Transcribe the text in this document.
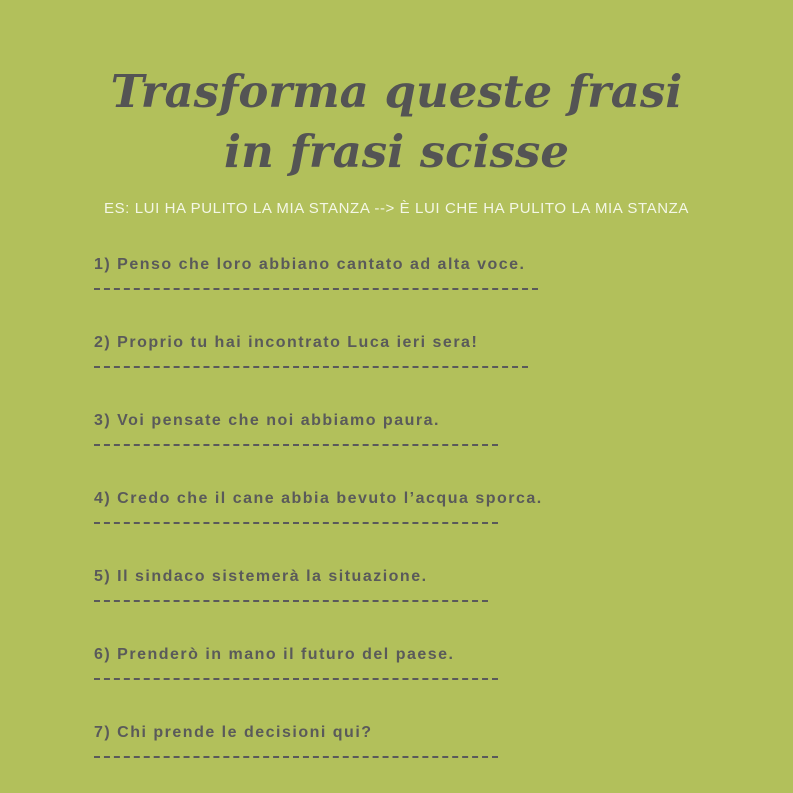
Trasforma queste frasi
in frasi scisse
ES: LUI HA PULITO LA MIA STANZA --> È LUI CHE HA PULITO LA MIA STANZA
1) Penso che loro abbiano cantato ad alta voce.
2) Proprio tu hai incontrato Luca ieri sera!
3) Voi pensate che noi abbiamo paura.
4) Credo che il cane abbia bevuto l’acqua sporca.
5) Il sindaco sistemerà la situazione.
6) Prenderò in mano il futuro del paese.
7) Chi prende le decisioni qui?
